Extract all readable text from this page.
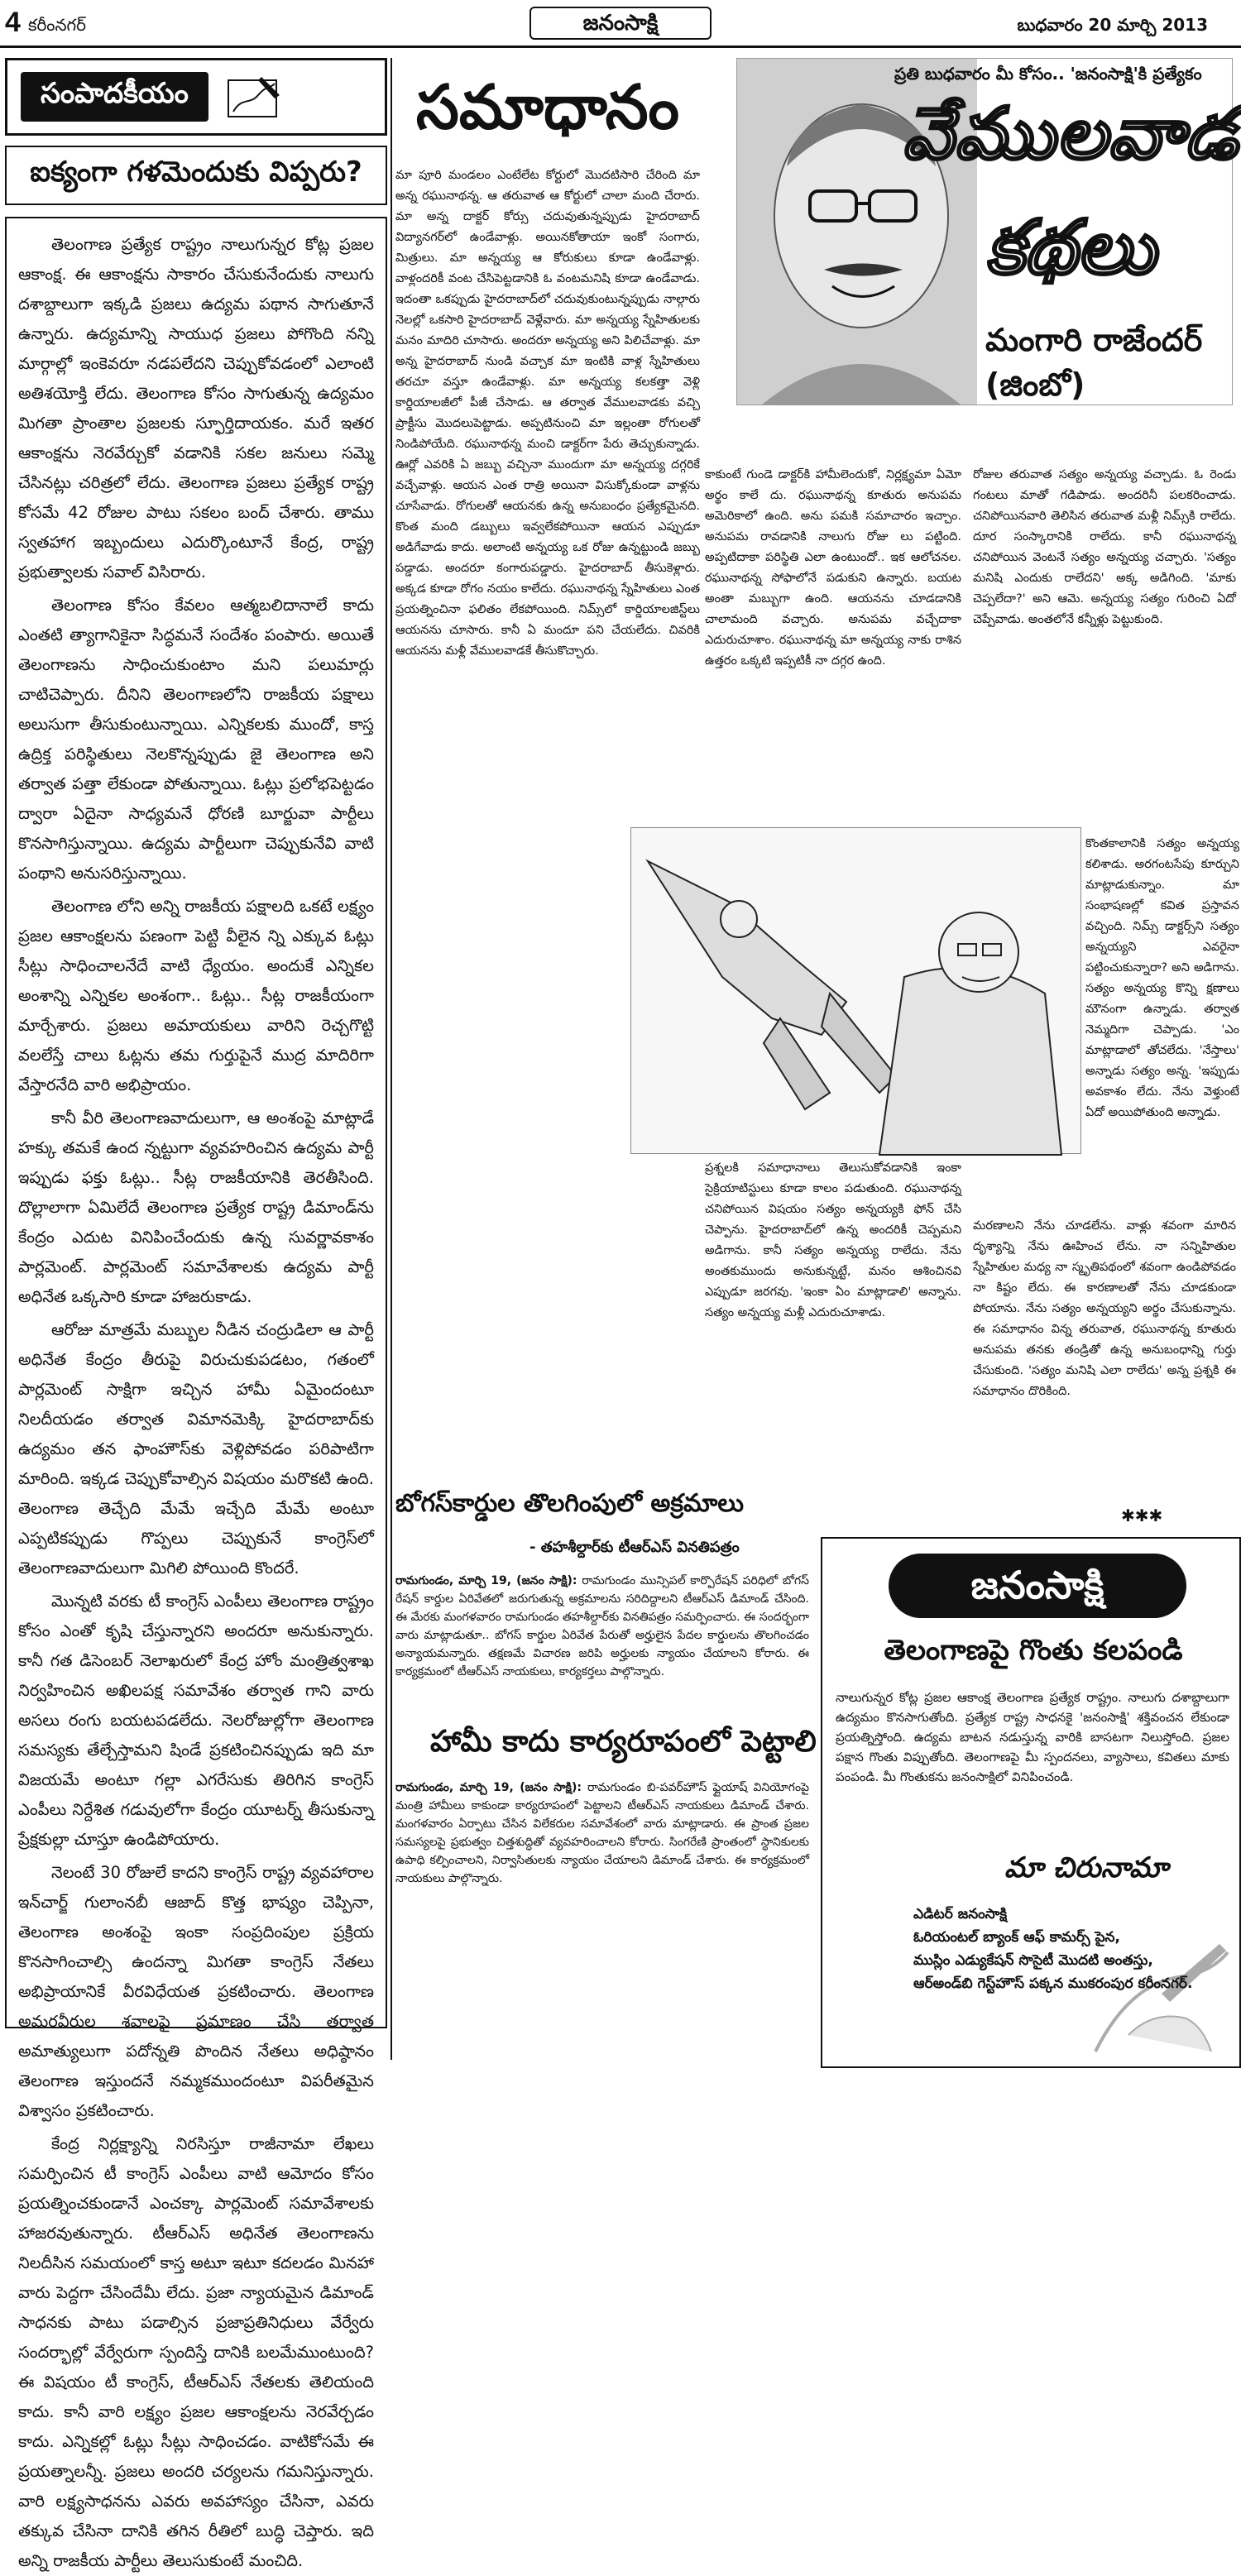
4 కరీంనగర్	జనంసాక్షి	బుధవారం 20 మార్చి 2013
సంపాదకీయం
ఐక్యంగా గళమెందుకు విప్పరు?

తెలంగాణ ప్రత్యేక రాష్ట్రం నాలుగున్నర కోట్ల ప్రజల ఆకాంక్ష. ఈ ఆకాంక్షను సాకారం చేసుకునేందుకు నాలుగు దశాబ్దాలుగా ఇక్కడి ప్రజలు ఉద్యమ పథాన సాగుతూనే ఉన్నారు. ఉద్యమాన్ని సాయుధ ప్రజలు పోగొంది నన్ని మార్గాల్లో ఇంకెవరూ నడపలేదని చెప్పుకోవడంలో ఎలాంటి అతిశయోక్తి లేదు. తెలంగాణ కోసం సాగుతున్న ఉద్యమం మిగతా ప్రాంతాల ప్రజలకు స్ఫూర్తిదాయకం. మరే ఇతర ఆకాంక్షను నెరవేర్చుకో వడానికి సకల జనులు సమ్మె చేసినట్లు చరిత్రలో లేదు. తెలంగాణ ప్రజలు ప్రత్యేక రాష్ట్ర కోసమే 42 రోజుల పాటు సకలం బంద్ చేశారు. తాము స్వతహాగ ఇబ్బందులు ఎదుర్కొంటూనే కేంద్ర, రాష్ట్ర ప్రభుత్వాలకు సవాల్ విసిరారు.

తెలంగాణ కోసం కేవలం ఆత్మబలిదానాలే కాదు ఎంతటి త్యాగానికైనా సిద్ధమనే సందేశం పంపారు. అయితే తెలంగాణను సాధించుకుంటాం మని పలుమార్లు చాటిచెప్పారు. దీనిని తెలంగాణలోని రాజకీయ పక్షాలు అలుసుగా తీసుకుంటున్నాయి. ఎన్నికలకు ముందో, కాస్త ఉద్రిక్త పరిస్థితులు నెలకొన్నప్పుడు జై తెలంగాణ అని తర్వాత పత్తా లేకుండా పోతున్నాయి. ఓట్లు ప్రలోభపెట్టడం ద్వారా ఏదైనా సాధ్యమనే ధోరణి బూర్జువా పార్టీలు కొనసాగిస్తున్నాయి. ఉద్యమ పార్టీలుగా చెప్పుకునేవి వాటి పంథాని అనుసరిస్తున్నాయి.

తెలంగాణ లోని అన్ని రాజకీయ పక్షాలది ఒకటే లక్ష్యం ప్రజల ఆకాంక్షలను పణంగా పెట్టి వీలైన న్ని ఎక్కువ ఓట్లు సీట్లు సాధించాలనేదే వాటి ధ్యేయం. అందుకే ఎన్నికల అంశాన్ని ఎన్నికల అంశంగా.. ఓట్లు.. సీట్ల రాజకీయంగా మార్చేశారు. ప్రజలు అమాయకులు వారిని రెచ్చగొట్టి వలలేస్తే చాలు ఓట్లను తమ గుర్తుపైనే ముద్ర మాదిరిగా వేస్తారనేది వారి అభిప్రాయం.

కానీ వీరి తెలంగాణవాదులుగా, ఆ అంశంపై మాట్లాడే హక్కు తమకే ఉంద న్నట్టుగా వ్యవహరించిన ఉద్యమ పార్టీ ఇప్పుడు ఫక్తు ఓట్లు.. సీట్ల రాజకీయానికి తెరతీసింది. దొల్లాలాగా ఏమిలేదే తెలంగాణ ప్రత్యేక రాష్ట్ర డిమాండ్‌ను కేంద్రం ఎదుట వినిపించేందుకు ఉన్న సువర్ణావకాశం పార్లమెంట్. పార్లమెంట్ సమావేశాలకు ఉద్యమ పార్టీ అధినేత ఒక్కసారి కూడా హాజరుకాడు.

ఆరోజు మాత్రమే మబ్బుల నీడిన చంద్రుడిలా ఆ పార్టీ అధినేత కేంద్రం తీరుపై విరుచుకుపడటం, గతంలో పార్లమెంట్ సాక్షిగా ఇచ్చిన హామీ ఏమైందంటూ నిలదీయడం తర్వాత విమానమెక్కి హైదరాబాద్‌కు ఉద్యమం తన ఫాంహౌస్‌కు వెళ్లిపోవడం పరిపాటిగా మారింది. ఇక్కడ చెప్పుకోవాల్సిన విషయం మరొకటి ఉంది. తెలంగాణ తెచ్చేది మేమే ఇచ్చేది మేమే అంటూ ఎప్పటికప్పుడు గొప్పలు చెప్పుకునే కాంగ్రెస్‌లో తెలంగాణవాదులుగా మిగిలి పోయింది కొందరే.

మొన్నటి వరకు టీ కాంగ్రెస్ ఎంపీలు తెలంగాణ రాష్ట్రం కోసం ఎంతో కృషి చేస్తున్నారని అందరూ అనుకున్నారు. కానీ గత డిసెంబర్ నెలాఖరులో కేంద్ర హోం మంత్రిత్వశాఖ నిర్వహించిన అఖిలపక్ష సమావేశం తర్వాత గాని వారు అసలు రంగు బయటపడలేదు. నెలరోజుల్లోగా తెలంగాణ సమస్యకు తేల్చేస్తామని షిండే ప్రకటించినప్పుడు ఇది మా విజయమే అంటూ గల్లా ఎగరేసుకు తిరిగిన కాంగ్రెస్ ఎంపీలు నిర్దేశిత గడువులోగా కేంద్రం యూటర్న్ తీసుకున్నా ప్రేక్షకుల్లా చూస్తూ ఉండిపోయారు.

నెలంటే 30 రోజులే కాదని కాంగ్రెస్ రాష్ట్ర వ్యవహారాల ఇన్‌చార్జ్ గులాంనబీ ఆజాద్ కొత్త భాష్యం చెప్పినా, తెలంగాణ అంశంపై ఇంకా సంప్రదింపుల ప్రక్రియ కొనసాగించాల్సి ఉందన్నా మిగతా కాంగ్రెస్ నేతలు అభిప్రాయానికే వీరవిధేయత ప్రకటించారు. తెలంగాణ అమరవీరుల శవాలపై ప్రమాణం చేసి తర్వాత అమాత్యులుగా పదోన్నతి పొందిన నేతలు అధిష్ఠానం తెలంగాణ ఇస్తుందనే నమ్మకముందంటూ విపరీతమైన విశ్వాసం ప్రకటించారు.

కేంద్ర నిర్లక్ష్యాన్ని నిరసిస్తూ రాజీనామా లేఖలు సమర్పించిన టీ కాంగ్రెస్ ఎంపీలు వాటి ఆమోదం కోసం ప్రయత్నించకుండానే ఎంచక్కా పార్లమెంట్ సమావేశాలకు హాజరవుతున్నారు. టీఆర్‌ఎస్ అధినేత తెలంగాణను నిలదీసిన సమయంలో కాస్త అటూ ఇటూ కదలడం మినహా వారు పెద్దగా చేసిందేమీ లేదు. ప్రజా న్యాయమైన డిమాండ్ సాధనకు పాటు పడాల్సిన ప్రజాప్రతినిధులు వేర్వేరు సందర్భాల్లో వేర్వేరుగా స్పందిస్తే దానికి బలమేముంటుంది? ఈ విషయం టీ కాంగ్రెస్, టీఆర్‌ఎస్ నేతలకు తెలియంది కాదు. కానీ వారి లక్ష్యం ప్రజల ఆకాంక్షలను నెరవేర్చడం కాదు. ఎన్నికల్లో ఓట్లు సీట్లు సాధించడం. వాటికోసమే ఈ ప్రయత్నాలన్నీ. ప్రజలు అందరి చర్యలను గమనిస్తున్నారు. వారి లక్ష్యసాధనను ఎవరు అవహాస్యం చేసినా, ఎవరు తక్కువ చేసినా దానికి తగిన రీతిలో బుద్ధి చెప్తారు. ఇది అన్ని రాజకీయ పార్టీలు తెలుసుకుంటే మంచిది.

సమాధానం
మా పూరి మండలం ఎంటేలేట కోర్టులో మొదటిసారి చేరింది మా అన్న రఘునాథన్న. ఆ తరువాత ఆ కోర్టులో చాలా మంది చేరారు. మా అన్న దాక్టర్ కోర్సు చదువుతున్నప్పుడు హైదరాబాద్ విద్యానగర్‌లో ఉండేవాళ్లు. అయినకోతాయా ఇంకో సంగారు, మిత్రులు. మా అన్నయ్య ఆ కోరుకులు కూడా ఉండేవాళ్లు. వాళ్లందరికీ వంట చేసిపెట్టడానికి ఓ వంటమనిషి కూడా ఉండేవాడు. ఇదంతా ఒకప్పుడు హైదరాబాద్‌లో చదువుకుంటున్నప్పుడు నాల్గారు నెలల్లో ఒకసారి హైదరాబాద్ వెళ్లేవారు. మా అన్నయ్య స్నేహితులకు మనం మాదిరి చూసారు. అందరూ అన్నయ్య అని పిలిచేవాళ్లు. మా అన్న హైదరాబాద్ నుండి వచ్చాక మా ఇంటికి వాళ్ల స్నేహితులు తరచూ వస్తూ ఉండేవాళ్లు. మా అన్నయ్య కలకత్తా వెళ్లి కార్డియాలజీలో పీజీ చేసాడు. ఆ తర్వాత వేములవాడకు వచ్చి ప్రాక్టీసు మొదలుపెట్టాడు. అప్పటినుంచి మా ఇల్లంతా రోగులతో నిండిపోయేది. రఘునాథన్న మంచి డాక్టర్‌గా పేరు తెచ్చుకున్నాడు. ఊర్లో ఎవరికి ఏ జబ్బు వచ్చినా ముందుగా మా అన్నయ్య దగ్గరికే వచ్చేవాళ్లు. ఆయన ఎంత రాత్రి అయినా విసుక్కోకుండా వాళ్లను చూసేవాడు. రోగులతో ఆయనకు ఉన్న అనుబంధం ప్రత్యేకమైనది. కొంత మంది డబ్బులు ఇవ్వలేకపోయినా ఆయన ఎప్పుడూ అడిగేవాడు కాదు. అలాంటి అన్నయ్య ఒక రోజు ఉన్నట్టుండి జబ్బు పడ్డాడు. అందరూ కంగారుపడ్డారు. హైదరాబాద్ తీసుకెళ్లారు. అక్కడ కూడా రోగం నయం కాలేదు. రఘునాథన్న స్నేహితులు ఎంత ప్రయత్నించినా ఫలితం లేకపోయింది. నిమ్స్‌లో కార్డియాలజిస్ట్‌లు ఆయనను చూసారు. కానీ ఏ మందూ పని చేయలేదు. చివరికి ఆయనను మళ్లీ వేములవాడకే తీసుకొచ్చారు.
ప్రతి బుధవారం మీ కోసం.. 'జనంసాక్షి'కి ప్రత్యేకం
వేములవాడ
కథలు
మంగారి రాజేందర్ (జింబో)
కాకుంటే గుండె డాక్టర్‌కి హామీలెందుకో, నిర్లక్ష్యమా ఏమో అర్థం కాలే దు. రఘునాథన్న కూతురు అనుపమ అమెరికాలో ఉంది. అను పమకి సమాచారం ఇచ్చాం. అనుపమ రావడానికి నాలుగు రోజు లు పట్టింది. అప్పటిదాకా పరిస్థితి ఎలా ఉంటుందో.. ఇక ఆలోచనల. రఘునాథన్న సోఫాలోనే పడుకుని ఉన్నారు. బయట అంతా మబ్బుగా ఉంది. ఆయనను చూడడానికి చాలామంది వచ్చారు. అనుపమ వచ్చేదాకా ఎదురుచూశాం. రఘునాథన్న మా అన్నయ్య నాకు రాశిన ఉత్తరం ఒక్కటి ఇప్పటికీ నా దగ్గర ఉంది.
రోజుల తరువాత సత్యం అన్నయ్య వచ్చాడు. ఓ రెండు గంటలు మాతో గడిపాడు. అందరినీ పలకరించాడు. చనిపోయినవారి తెలిసిన తరువాత మళ్లీ నిమ్స్‌కి రాలేదు. దూర సంస్కారానికి రాలేదు. కానీ రఘునాథన్న చనిపోయిన వెంటనే సత్యం అన్నయ్య చచ్చారు. 'సత్యం మనిషి ఎందుకు రాలేదని' అక్క అడిగింది. 'మాకు చెప్పలేదా?' అని ఆమె. అన్నయ్య సత్యం గురించి ఏదో చెప్పేవాడు. అంతలోనే కన్నీళ్లు పెట్టుకుంది.
కొంతకాలానికి సత్యం అన్నయ్య కలిశాడు. అరగంటసేపు కూర్చుని మాట్లాడుకున్నాం. మా సంభాషణల్లో కవిత ప్రస్తావన వచ్చింది. నిమ్స్ డాక్టర్స్‌ని సత్యం అన్నయ్యని ఎవరైనా పట్టించుకున్నారా? అని అడిగాను. సత్యం అన్నయ్య కొన్ని క్షణాలు మౌనంగా ఉన్నాడు. తర్వాత నెమ్మదిగా చెప్పాడు. 'ఎం మాట్లాడాలో తోచలేదు. 'నేస్తాలు' అన్నాడు సత్యం అన్న. 'ఇప్పుడు అవకాశం లేదు. నేను వెళ్తుంటే ఏదో అయిపోతుంది అన్నాడు.
ప్రశ్నలకి సమాధానాలు తెలుసుకోవడానికి ఇంకా సైక్రియాటిస్టులు కూడా కాలం పడుతుంది. రఘునాథన్న చనిపోయిన విషయం సత్యం అన్నయ్యకి ఫోన్ చేసి చెప్పాను. హైదరాబాద్‌లో ఉన్న అందరికీ చెప్పమని అడిగాను. కానీ సత్యం అన్నయ్య రాలేదు. నేను అంతకుముందు అనుకున్నట్టే, మనం ఆశించినవి ఎప్పుడూ జరగవు. 'ఇంకా ఏం మాట్లాడాలి' అన్నాను. సత్యం అన్నయ్య మళ్లీ ఎదురుచూశాడు.
మరణాలని నేను చూడలేను. వాళ్లు శవంగా మారిన దృశ్యాన్ని నేను ఊహించ లేను. నా సన్నిహితుల స్నేహితుల మధ్య నా స్మృతిపథంలో శవంగా ఉండిపోవడం నా కిష్టం లేదు. ఈ కారణాలతో నేను చూడకుండా పోయాను. నేను సత్యం అన్నయ్యని అర్థం చేసుకున్నాను. ఈ సమాధానం విన్న తరువాత, రఘునాథన్న కూతురు అనుపమ తనకు తండ్రితో ఉన్న అనుబంధాన్ని గుర్తు చేసుకుంది. 'సత్యం మనిషి ఎలా రాలేదు' అన్న ప్రశ్నకి ఈ సమాధానం దొరికింది.
✱✱✱
బోగస్‌కార్డుల తొలగింపులో అక్రమాలు
- తహశీల్దార్‌కు టీఆర్‌ఎస్ వినతిపత్రం
రామగుండం, మార్చి 19, (జనం సాక్షి): రామగుండం మున్సిపల్ కార్పొరేషన్ పరిధిలో బోగస్ రేషన్ కార్డుల ఏరివేతలో జరుగుతున్న అక్రమాలను సరిదిద్దాలని టీఆర్‌ఎస్ డిమాండ్ చేసింది. ఈ మేరకు మంగళవారం రామగుండం తహశీల్దార్‌కు వినతిపత్రం సమర్పించారు. ఈ సందర్భంగా వారు మాట్లాడుతూ.. బోగస్ కార్డుల ఏరివేత పేరుతో అర్హులైన పేదల కార్డులను తొలగించడం అన్యాయమన్నారు. తక్షణమే విచారణ జరిపి అర్హులకు న్యాయం చేయాలని కోరారు. ఈ కార్యక్రమంలో టీఆర్‌ఎస్ నాయకులు, కార్యకర్తలు పాల్గొన్నారు.
హామీ కాదు కార్యరూపంలో పెట్టాలి
రామగుండం, మార్చి 19, (జనం సాక్షి): రామగుండం బి-పవర్‌హౌస్ ఫ్లైయాష్ వినియోగంపై మంత్రి హామీలు కాకుండా కార్యరూపంలో పెట్టాలని టీఆర్‌ఎస్ నాయకులు డిమాండ్ చేశారు. మంగళవారం ఏర్పాటు చేసిన విలేకరుల సమావేశంలో వారు మాట్లాడారు. ఈ ప్రాంత ప్రజల సమస్యలపై ప్రభుత్వం చిత్తశుద్ధితో వ్యవహరించాలని కోరారు. సింగరేణి ప్రాంతంలో స్థానికులకు ఉపాధి కల్పించాలని, నిర్వాసితులకు న్యాయం చేయాలని డిమాండ్ చేశారు. ఈ కార్యక్రమంలో నాయకులు పాల్గొన్నారు.
జనంసాక్షి
తెలంగాణపై గొంతు కలపండి
నాలుగున్నర కోట్ల ప్రజల ఆకాంక్ష తెలంగాణ ప్రత్యేక రాష్ట్రం. నాలుగు దశాబ్దాలుగా ఉద్యమం కొనసాగుతోంది. ప్రత్యేక రాష్ట్ర సాధనకై 'జనంసాక్షి' శక్తివంచన లేకుండా ప్రయత్నిస్తోంది. ఉద్యమ బాటన నడుస్తున్న వారికి బాసటగా నిలుస్తోంది. ప్రజల పక్షాన గొంతు విప్పుతోంది. తెలంగాణపై మీ స్పందనలు, వ్యాసాలు, కవితలు మాకు పంపండి. మీ గొంతుకను జనంసాక్షిలో వినిపించండి.
మా చిరునామా
ఎడిటర్ జనంసాక్షి
ఓరియంటల్ బ్యాంక్ ఆఫ్ కామర్స్ పైన,
ముస్లిం ఎడ్యుకేషన్ సొసైటీ మొదటి అంతస్తు,
ఆర్‌అండ్‌బి గెస్ట్‌హౌస్ పక్కన ముకరంపుర కరీంనగర్.
